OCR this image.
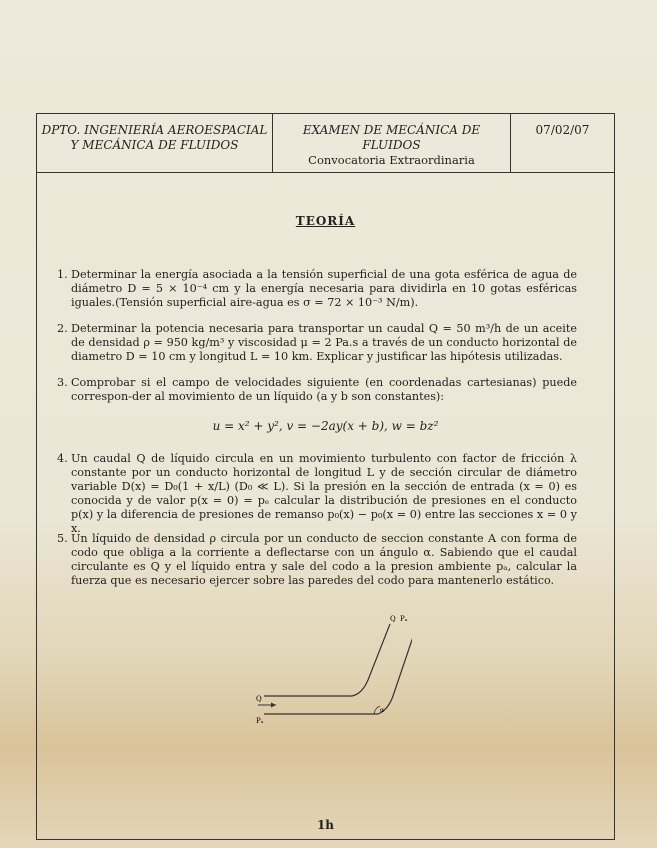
DPTO. INGENIERÍA AEROESPACIAL
Y MECÁNICA DE FLUIDOS
EXAMEN DE MECÁNICA DE FLUIDOS
Convocatoria Extraordinaria
07/02/07
TEORÍA
1. Determinar la energía asociada a la tensión superficial de una gota esférica de agua de diámetro D = 5 × 10⁻⁴ cm y la energía necesaria para dividirla en 10 gotas esféricas iguales.(Tensión superficial aire-agua es σ = 72 × 10⁻³ N/m).
2. Determinar la potencia necesaria para transportar un caudal Q = 50 m³/h de un aceite de densidad ρ = 950 kg/m³ y viscosidad μ = 2 Pa.s a través de un conducto horizontal de diametro D = 10 cm y longitud L = 10 km. Explicar y justificar las hipótesis utilizadas.
3. Comprobar si el campo de velocidades siguiente (en coordenadas cartesianas) puede correspon-der al movimiento de un líquido (a y b son constantes):
u = x² + y², v = −2ay(x + b), w = bz²
4. Un caudal Q de líquido circula en un movimiento turbulento con factor de fricción λ constante por un conducto horizontal de longitud L y de sección circular de diámetro variable D(x) = D₀(1 + x/L) (D₀ ≪ L). Si la presión en la sección de entrada (x = 0) es conocida y de valor p(x = 0) = pₑ calcular la distribución de presiones en el conducto p(x) y la diferencia de presiones de remanso p₀(x) − p₀(x = 0) entre las secciones x = 0 y x.
5. Un líquido de densidad ρ circula por un conducto de seccion constante A con forma de codo que obliga a la corriente a deflectarse con un ángulo α. Sabiendo que el caudal circulante es Q y el líquido entra y sale del codo a la presion ambiente pₐ, calcular la fuerza que es necesario ejercer sobre las paredes del codo para mantenerlo estático.
Q
Pₐ
Q Pₐ
α
1h
